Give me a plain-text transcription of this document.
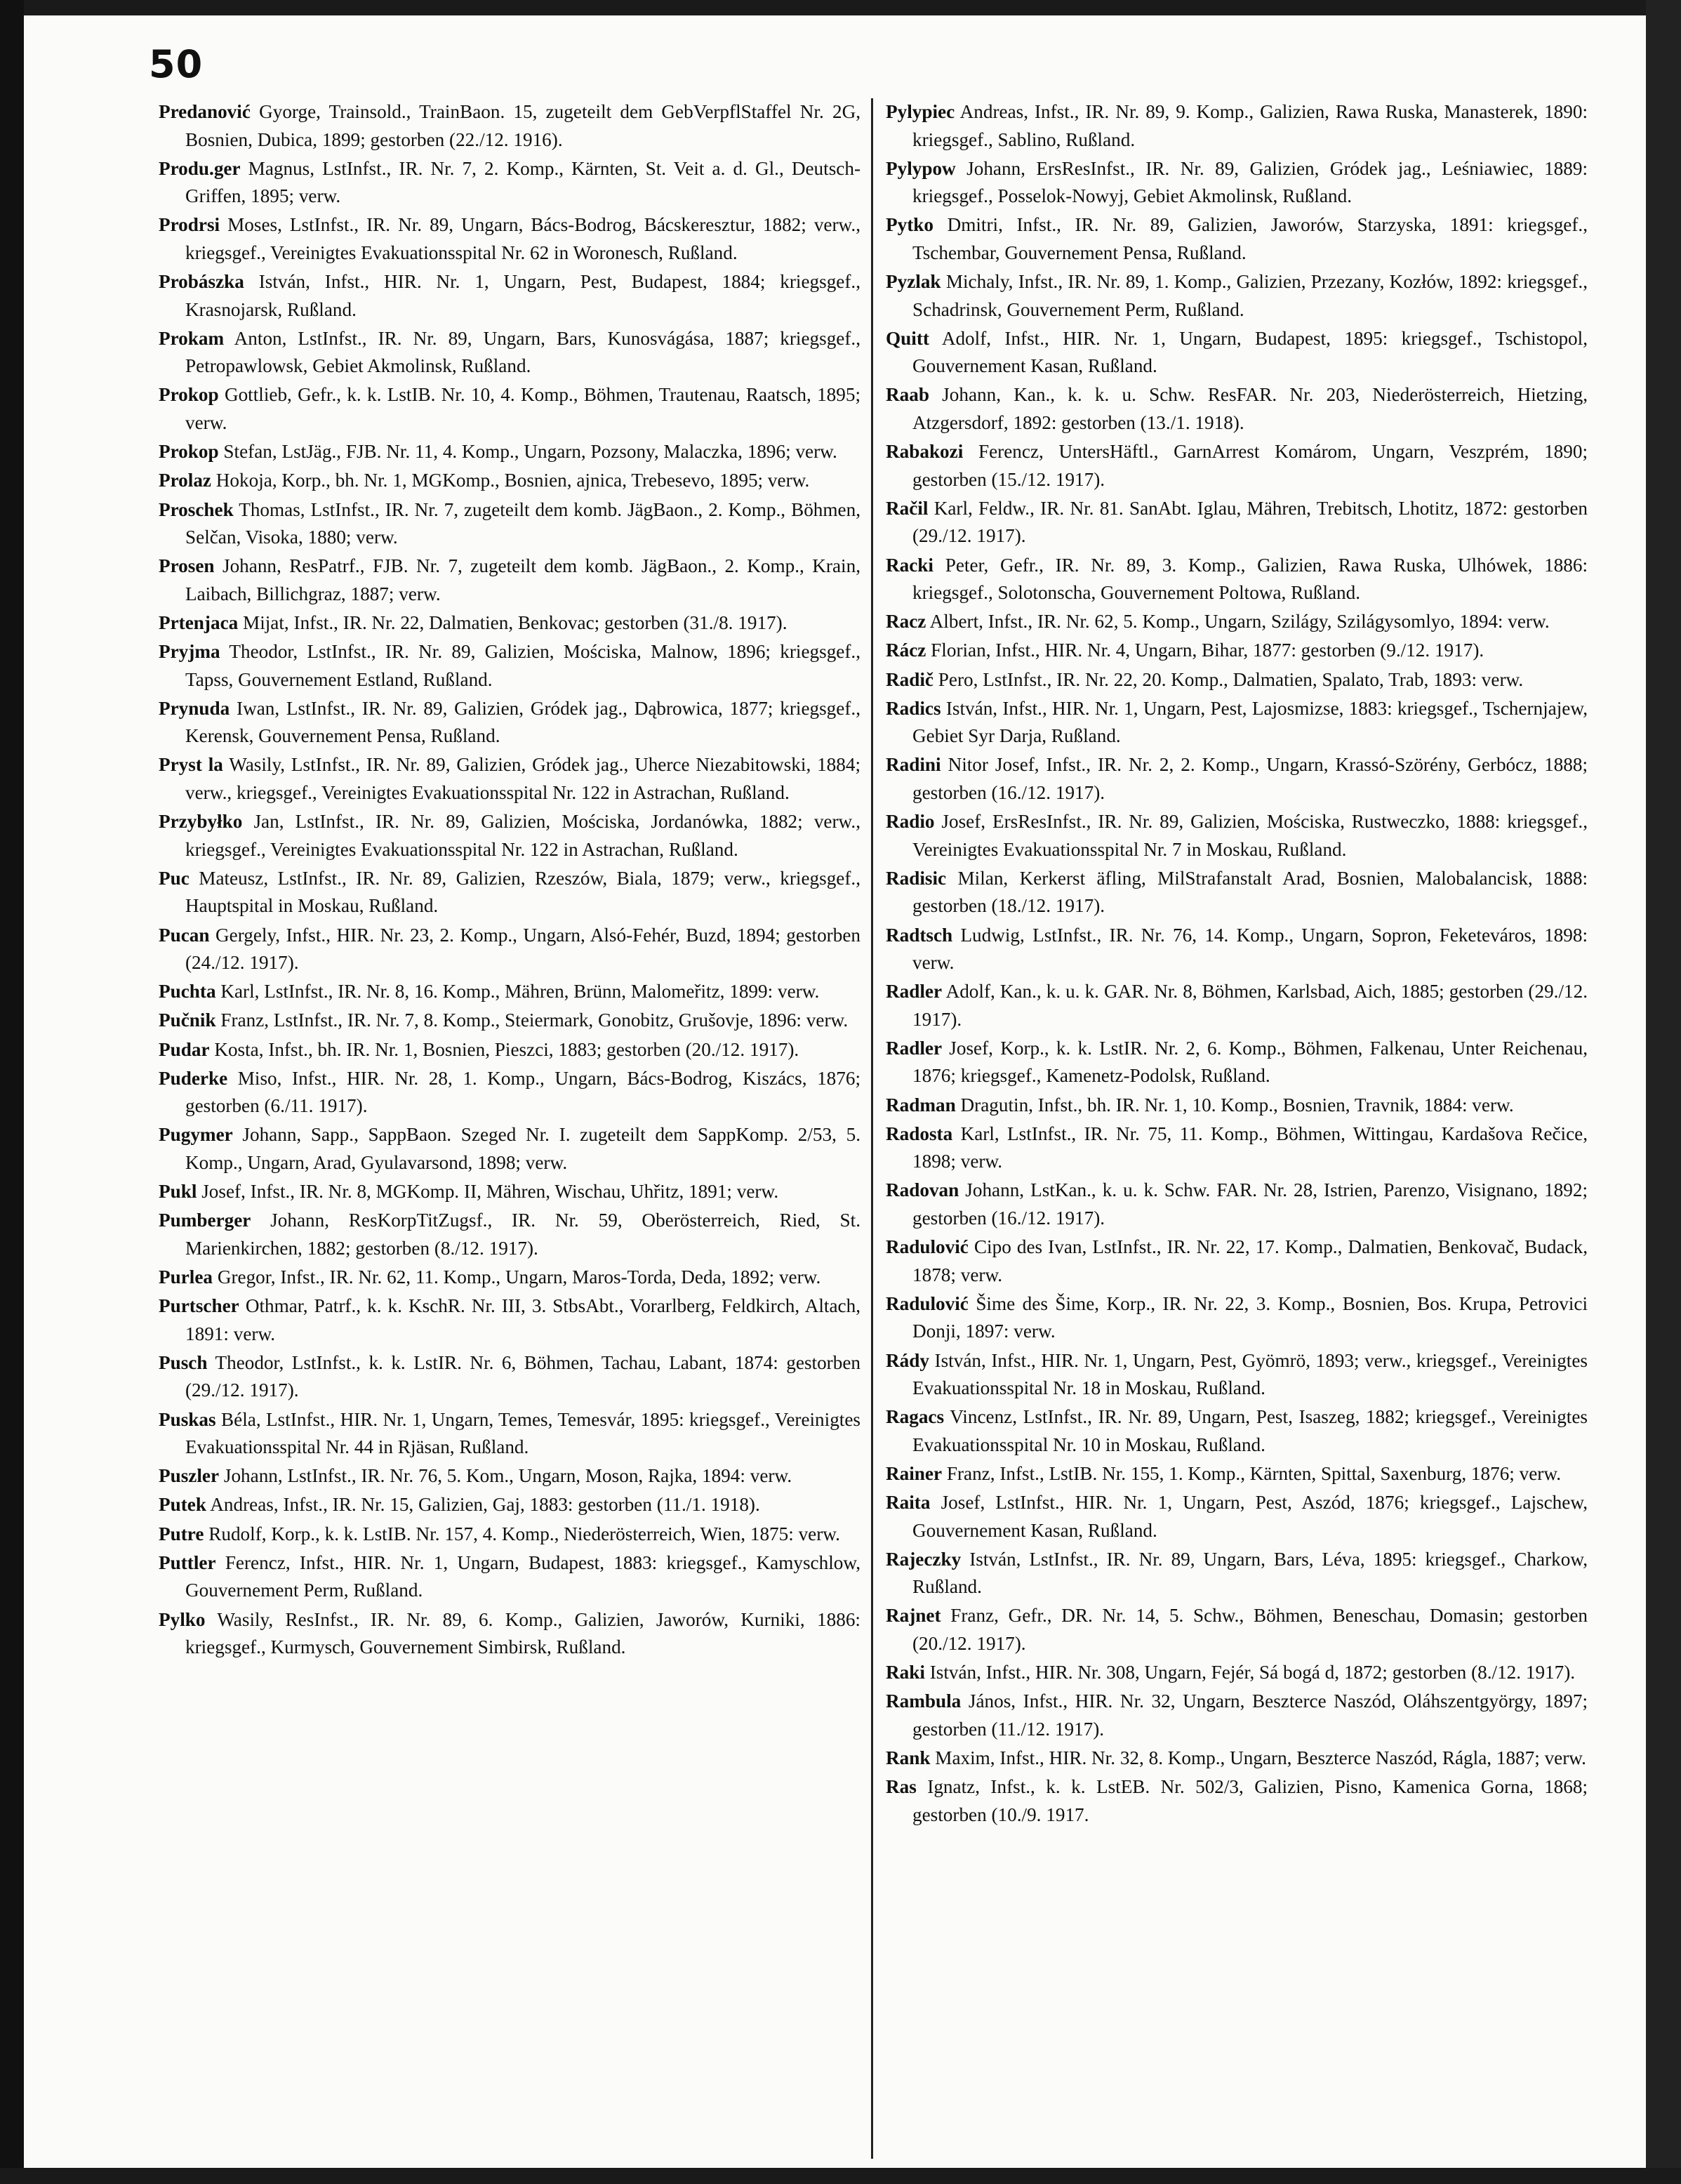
50

Predanović Gyorge, Trainsold., TrainBaon. 15, zugeteilt dem GebVerpflStaffel Nr. 2G, Bosnien, Dubica, 1899; gestorben (22./12. 1916).

Produ.ger Magnus, LstInfst., IR. Nr. 7, 2. Komp., Kärnten, St. Veit a. d. Gl., Deutsch-Griffen, 1895; verw.

Prodrsi Moses, LstInfst., IR. Nr. 89, Ungarn, Bács-Bodrog, Bácskeresztur, 1882; verw., kriegsgef., Vereinigtes Evakuationsspital Nr. 62 in Woronesch, Rußland.

Probászka István, Infst., HIR. Nr. 1, Ungarn, Pest, Budapest, 1884; kriegsgef., Krasnojarsk, Rußland.

Prokam Anton, LstInfst., IR. Nr. 89, Ungarn, Bars, Kunosvágása, 1887; kriegsgef., Petropawlowsk, Gebiet Akmolinsk, Rußland.

Prokop Gottlieb, Gefr., k. k. LstIB. Nr. 10, 4. Komp., Böhmen, Trautenau, Raatsch, 1895; verw.

Prokop Stefan, LstJäg., FJB. Nr. 11, 4. Komp., Ungarn, Pozsony, Malaczka, 1896; verw.

Prolaz Hokoja, Korp., bh. Nr. 1, MGKomp., Bosnien, ajnica, Trebesevo, 1895; verw.

Proschek Thomas, LstInfst., IR. Nr. 7, zugeteilt dem komb. JägBaon., 2. Komp., Böhmen, Selčan, Visoka, 1880; verw.

Prosen Johann, ResPatrf., FJB. Nr. 7, zugeteilt dem komb. JägBaon., 2. Komp., Krain, Laibach, Billichgraz, 1887; verw.

Prtenjaca Mijat, Infst., IR. Nr. 22, Dalmatien, Benkovac; gestorben (31./8. 1917).

Pryjma Theodor, LstInfst., IR. Nr. 89, Galizien, Mościska, Malnow, 1896; kriegsgef., Tapss, Gouvernement Estland, Rußland.

Prynuda Iwan, LstInfst., IR. Nr. 89, Galizien, Gródek jag., Dąbrowica, 1877; kriegsgef., Kerensk, Gouvernement Pensa, Rußland.

Pryst la Wasily, LstInfst., IR. Nr. 89, Galizien, Gródek jag., Uherce Niezabitowski, 1884; verw., kriegsgef., Vereinigtes Evakuationsspital Nr. 122 in Astrachan, Rußland.

Przybyłko Jan, LstInfst., IR. Nr. 89, Galizien, Mościska, Jordanówka, 1882; verw., kriegsgef., Vereinigtes Evakuationsspital Nr. 122 in Astrachan, Rußland.

Puc Mateusz, LstInfst., IR. Nr. 89, Galizien, Rzeszów, Biala, 1879; verw., kriegsgef., Hauptspital in Moskau, Rußland.

Pucan Gergely, Infst., HIR. Nr. 23, 2. Komp., Ungarn, Alsó-Fehér, Buzd, 1894; gestorben (24./12. 1917).

Puchta Karl, LstInfst., IR. Nr. 8, 16. Komp., Mähren, Brünn, Malomeřitz, 1899: verw.

Pučnik Franz, LstInfst., IR. Nr. 7, 8. Komp., Steiermark, Gonobitz, Grušovje, 1896: verw.

Pudar Kosta, Infst., bh. IR. Nr. 1, Bosnien, Pieszci, 1883; gestorben (20./12. 1917).

Puderke Miso, Infst., HIR. Nr. 28, 1. Komp., Ungarn, Bács-Bodrog, Kiszács, 1876; gestorben (6./11. 1917).

Pugymer Johann, Sapp., SappBaon. Szeged Nr. I. zugeteilt dem SappKomp. 2/53, 5. Komp., Ungarn, Arad, Gyulavarsond, 1898; verw.

Pukl Josef, Infst., IR. Nr. 8, MGKomp. II, Mähren, Wischau, Uhřitz, 1891; verw.

Pumberger Johann, ResKorpTitZugsf., IR. Nr. 59, Oberösterreich, Ried, St. Marienkirchen, 1882; gestorben (8./12. 1917).

Purlea Gregor, Infst., IR. Nr. 62, 11. Komp., Ungarn, Maros-Torda, Deda, 1892; verw.

Purtscher Othmar, Patrf., k. k. KschR. Nr. III, 3. StbsAbt., Vorarlberg, Feldkirch, Altach, 1891: verw.

Pusch Theodor, LstInfst., k. k. LstIR. Nr. 6, Böhmen, Tachau, Labant, 1874: gestorben (29./12. 1917).

Puskas Béla, LstInfst., HIR. Nr. 1, Ungarn, Temes, Temesvár, 1895: kriegsgef., Vereinigtes Evakuationsspital Nr. 44 in Rjäsan, Rußland.

Puszler Johann, LstInfst., IR. Nr. 76, 5. Kom., Ungarn, Moson, Rajka, 1894: verw.

Putek Andreas, Infst., IR. Nr. 15, Galizien, Gaj, 1883: gestorben (11./1. 1918).

Putre Rudolf, Korp., k. k. LstIB. Nr. 157, 4. Komp., Niederösterreich, Wien, 1875: verw.

Puttler Ferencz, Infst., HIR. Nr. 1, Ungarn, Budapest, 1883: kriegsgef., Kamyschlow, Gouvernement Perm, Rußland.

Pylko Wasily, ResInfst., IR. Nr. 89, 6. Komp., Galizien, Jaworów, Kurniki, 1886: kriegsgef., Kurmysch, Gouvernement Simbirsk, Rußland.

Pylypiec Andreas, Infst., IR. Nr. 89, 9. Komp., Galizien, Rawa Ruska, Manasterek, 1890: kriegsgef., Sablino, Rußland.

Pylypow Johann, ErsResInfst., IR. Nr. 89, Galizien, Gródek jag., Leśniawiec, 1889: kriegsgef., Posselok-Nowyj, Gebiet Akmolinsk, Rußland.

Pytko Dmitri, Infst., IR. Nr. 89, Galizien, Jaworów, Starzyska, 1891: kriegsgef., Tschembar, Gouvernement Pensa, Rußland.

Pyzlak Michaly, Infst., IR. Nr. 89, 1. Komp., Galizien, Przezany, Kozłów, 1892: kriegsgef., Schadrinsk, Gouvernement Perm, Rußland.

Quitt Adolf, Infst., HIR. Nr. 1, Ungarn, Budapest, 1895: kriegsgef., Tschistopol, Gouvernement Kasan, Rußland.

Raab Johann, Kan., k. k. u. Schw. ResFAR. Nr. 203, Niederösterreich, Hietzing, Atzgersdorf, 1892: gestorben (13./1. 1918).

Rabakozi Ferencz, UntersHäftl., GarnArrest Komárom, Ungarn, Veszprém, 1890; gestorben (15./12. 1917).

Račil Karl, Feldw., IR. Nr. 81. SanAbt. Iglau, Mähren, Trebitsch, Lhotitz, 1872: gestorben (29./12. 1917).

Racki Peter, Gefr., IR. Nr. 89, 3. Komp., Galizien, Rawa Ruska, Ulhówek, 1886: kriegsgef., Solotonscha, Gouvernement Poltowa, Rußland.

Racz Albert, Infst., IR. Nr. 62, 5. Komp., Ungarn, Szilágy, Szilágysomlyo, 1894: verw.

Rácz Florian, Infst., HIR. Nr. 4, Ungarn, Bihar, 1877: gestorben (9./12. 1917).

Radič Pero, LstInfst., IR. Nr. 22, 20. Komp., Dalmatien, Spalato, Trab, 1893: verw.

Radics István, Infst., HIR. Nr. 1, Ungarn, Pest, Lajosmizse, 1883: kriegsgef., Tschernjajew, Gebiet Syr Darja, Rußland.

Radini Nitor Josef, Infst., IR. Nr. 2, 2. Komp., Ungarn, Krassó-Szörény, Gerbócz, 1888; gestorben (16./12. 1917).

Radio Josef, ErsResInfst., IR. Nr. 89, Galizien, Mościska, Rustweczko, 1888: kriegsgef., Vereinigtes Evakuationsspital Nr. 7 in Moskau, Rußland.

Radisic Milan, Kerkerst äfling, MilStrafanstalt Arad, Bosnien, Malobalancisk, 1888: gestorben (18./12. 1917).

Radtsch Ludwig, LstInfst., IR. Nr. 76, 14. Komp., Ungarn, Sopron, Feketeváros, 1898: verw.

Radler Adolf, Kan., k. u. k. GAR. Nr. 8, Böhmen, Karlsbad, Aich, 1885; gestorben (29./12. 1917).

Radler Josef, Korp., k. k. LstIR. Nr. 2, 6. Komp., Böhmen, Falkenau, Unter Reichenau, 1876; kriegsgef., Kamenetz-Podolsk, Rußland.

Radman Dragutin, Infst., bh. IR. Nr. 1, 10. Komp., Bosnien, Travnik, 1884: verw.

Radosta Karl, LstInfst., IR. Nr. 75, 11. Komp., Böhmen, Wittingau, Kardašova Rečice, 1898; verw.

Radovan Johann, LstKan., k. u. k. Schw. FAR. Nr. 28, Istrien, Parenzo, Visignano, 1892; gestorben (16./12. 1917).

Radulović Cipo des Ivan, LstInfst., IR. Nr. 22, 17. Komp., Dalmatien, Benkovač, Budack, 1878; verw.

Radulović Šime des Šime, Korp., IR. Nr. 22, 3. Komp., Bosnien, Bos. Krupa, Petrovici Donji, 1897: verw.

Rády István, Infst., HIR. Nr. 1, Ungarn, Pest, Gyömrö, 1893; verw., kriegsgef., Vereinigtes Evakuationsspital Nr. 18 in Moskau, Rußland.

Ragacs Vincenz, LstInfst., IR. Nr. 89, Ungarn, Pest, Isaszeg, 1882; kriegsgef., Vereinigtes Evakuationsspital Nr. 10 in Moskau, Rußland.

Rainer Franz, Infst., LstIB. Nr. 155, 1. Komp., Kärnten, Spittal, Saxenburg, 1876; verw.

Raita Josef, LstInfst., HIR. Nr. 1, Ungarn, Pest, Aszód, 1876; kriegsgef., Lajschew, Gouvernement Kasan, Rußland.

Rajeczky István, LstInfst., IR. Nr. 89, Ungarn, Bars, Léva, 1895: kriegsgef., Charkow, Rußland.

Rajnet Franz, Gefr., DR. Nr. 14, 5. Schw., Böhmen, Beneschau, Domasin; gestorben (20./12. 1917).

Raki István, Infst., HIR. Nr. 308, Ungarn, Fejér, Sá bogá d, 1872; gestorben (8./12. 1917).

Rambula János, Infst., HIR. Nr. 32, Ungarn, Beszterce Naszód, Oláhszentgyörgy, 1897; gestorben (11./12. 1917).

Rank Maxim, Infst., HIR. Nr. 32, 8. Komp., Ungarn, Beszterce Naszód, Rágla, 1887; verw.

Ras Ignatz, Infst., k. k. LstEB. Nr. 502/3, Galizien, Pisno, Kamenica Gorna, 1868; gestorben (10./9. 1917.
